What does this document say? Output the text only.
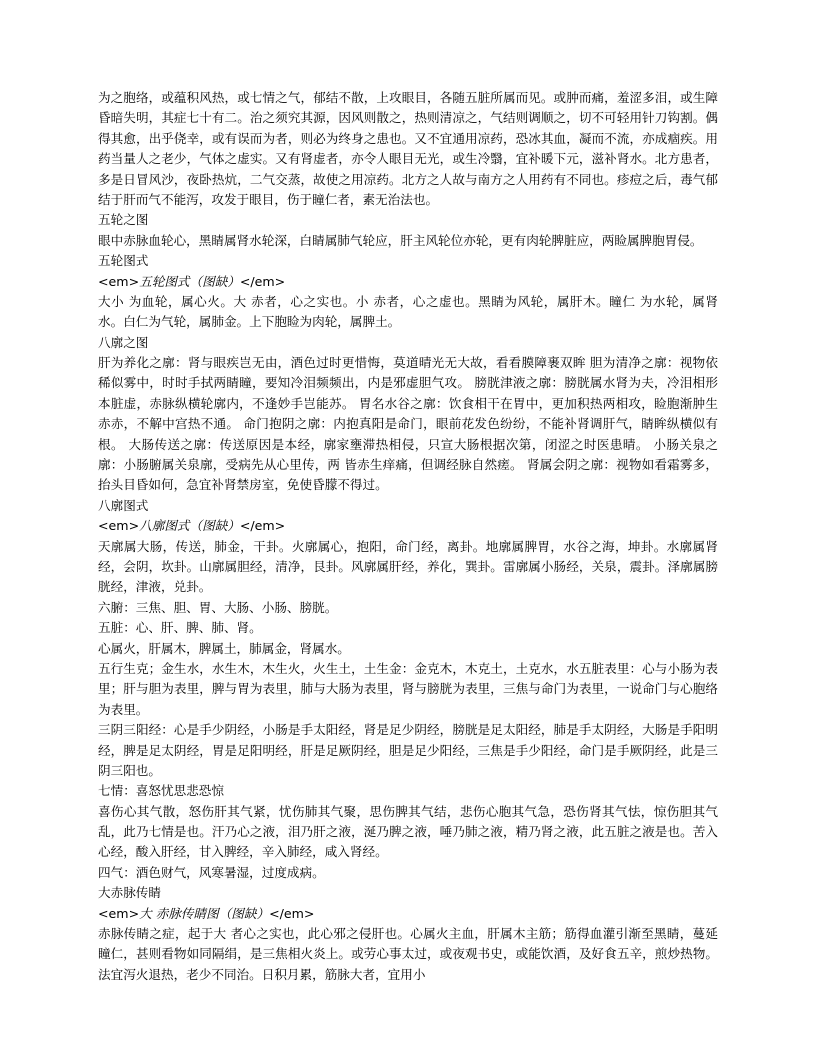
为之胞络，或蕴积风热，或七情之气，郁结不散，上攻眼目，各随五脏所属而见。或肿而痛，羞涩多泪，或生障昏暗失明，其症七十有二。治之须究其源，因风则散之，热则清凉之，气结则调顺之，切不可轻用针刀钩割。偶得其愈，出乎侥幸，或有误而为者，则必为终身之患也。又不宜通用凉药，恐冰其血，凝而不流，亦成痼疾。用药当量人之老少，气体之虚实。又有肾虚者，亦令人眼目无光，或生冷翳，宜补暖下元，滋补肾水。北方患者，多是日冒风沙，夜卧热炕，二气交蒸，故使之用凉药。北方之人故与南方之人用药有不同也。疹痘之后，毒气郁结于肝而气不能泻，攻发于眼目，伤于瞳仁者，素无治法也。

五轮之图

眼中赤脉血轮心，黑睛属肾水轮深，白睛属肺气轮应，肝主风轮位亦轮，更有肉轮脾脏应，两睑属脾胞胃侵。

五轮图式
<em>五轮图式（图缺）</em>

大小 为血轮，属心火。大 赤者，心之实也。小 赤者，心之虚也。黑睛为风轮，属肝木。瞳仁 为水轮，属肾水。白仁为气轮，属肺金。上下胞睑为肉轮，属脾土。

八廓之图

肝为养化之廓：肾与眼疾岂无由，酒色过时更惜悔，莫道晴光无大故，看看膜障裹双眸 胆为清净之廓：视物依稀似雾中，时时手拭两睛瞳，要知冷泪频频出，内是邪虚胆气攻。 膀胱津液之廓：膀胱属水肾为夫，冷泪相形本脏虚，赤脉纵横轮廓内，不逢妙手岂能苏。 胃名水谷之廓：饮食相干在胃中，更加积热两相攻，睑胞渐肿生赤赤，不解中宫热不通。 命门抱阴之廓：内抱真阳是命门，眼前花发色纷纷，不能补肾调肝气，睛眸纵横似有根。 大肠传送之廓：传送原因是本经，廓家壅滞热相侵，只宣大肠根据次第，闭涩之时医患晴。 小肠关泉之廓：小肠腑属关泉廓，受病先从心里传，两 皆赤生痒痛，但调经脉自然瘥。 肾属会阴之廓：视物如看霜雾多，抬头目昏如何，急宜补肾禁房室，免使昏朦不得过。

八廓图式
<em>八廓图式（图缺）</em>

天廓属大肠，传送，肺金，干卦。火廓属心，抱阳，命门经，离卦。地廓属脾胃，水谷之海，坤卦。水廓属肾经，会阴，坎卦。山廓属胆经，清净，艮卦。风廓属肝经，养化，巽卦。雷廓属小肠经，关泉，震卦。泽廓属膀胱经，津液，兑卦。

六腑：三焦、胆、胃、大肠、小肠、膀胱。

五脏：心、肝、脾、肺、肾。

心属火，肝属木，脾属土，肺属金，肾属水。

五行生克；金生水，水生木，木生火，火生土，土生金：金克木，木克土，土克水，水五脏表里：心与小肠为表里；肝与胆为表里，脾与胃为表里，肺与大肠为表里，肾与膀胱为表里，三焦与命门为表里，一说命门与心胞络为表里。

三阴三阳经：心是手少阴经，小肠是手太阳经，肾是足少阴经，膀胱是足太阳经，肺是手太阴经，大肠是手阳明经，脾是足太阴经，胃是足阳明经，肝是足厥阴经，胆是足少阳经，三焦是手少阳经，命门是手厥阴经，此是三阴三阳也。

七情：喜怒忧思悲恐惊

喜伤心其气散，怒伤肝其气紧，忧伤肺其气聚，思伤脾其气结，悲伤心胞其气急，恐伤肾其气怯，惊伤胆其气乱，此乃七情是也。汗乃心之液，泪乃肝之液，涎乃脾之液，唾乃肺之液，精乃肾之液，此五脏之液是也。苦入心经，酸入肝经，甘入脾经，辛入肺经，咸入肾经。

四气：酒色财气，风寒暑湿，过度成病。
大赤脉传睛
<em>大 赤脉传睛图（图缺）</em>

赤脉传睛之症，起于大 者心之实也，此心邪之侵肝也。心属火主血，肝属木主筋；筋得血灌引渐至黑睛，蔓延瞳仁，甚则看物如同隔绢，是三焦相火炎上。或劳心事太过，或夜观书史，或能饮酒，及好食五辛，煎炒热物。法宜泻火退热，老少不同治。日积月累，筋脉大者，宜用小
